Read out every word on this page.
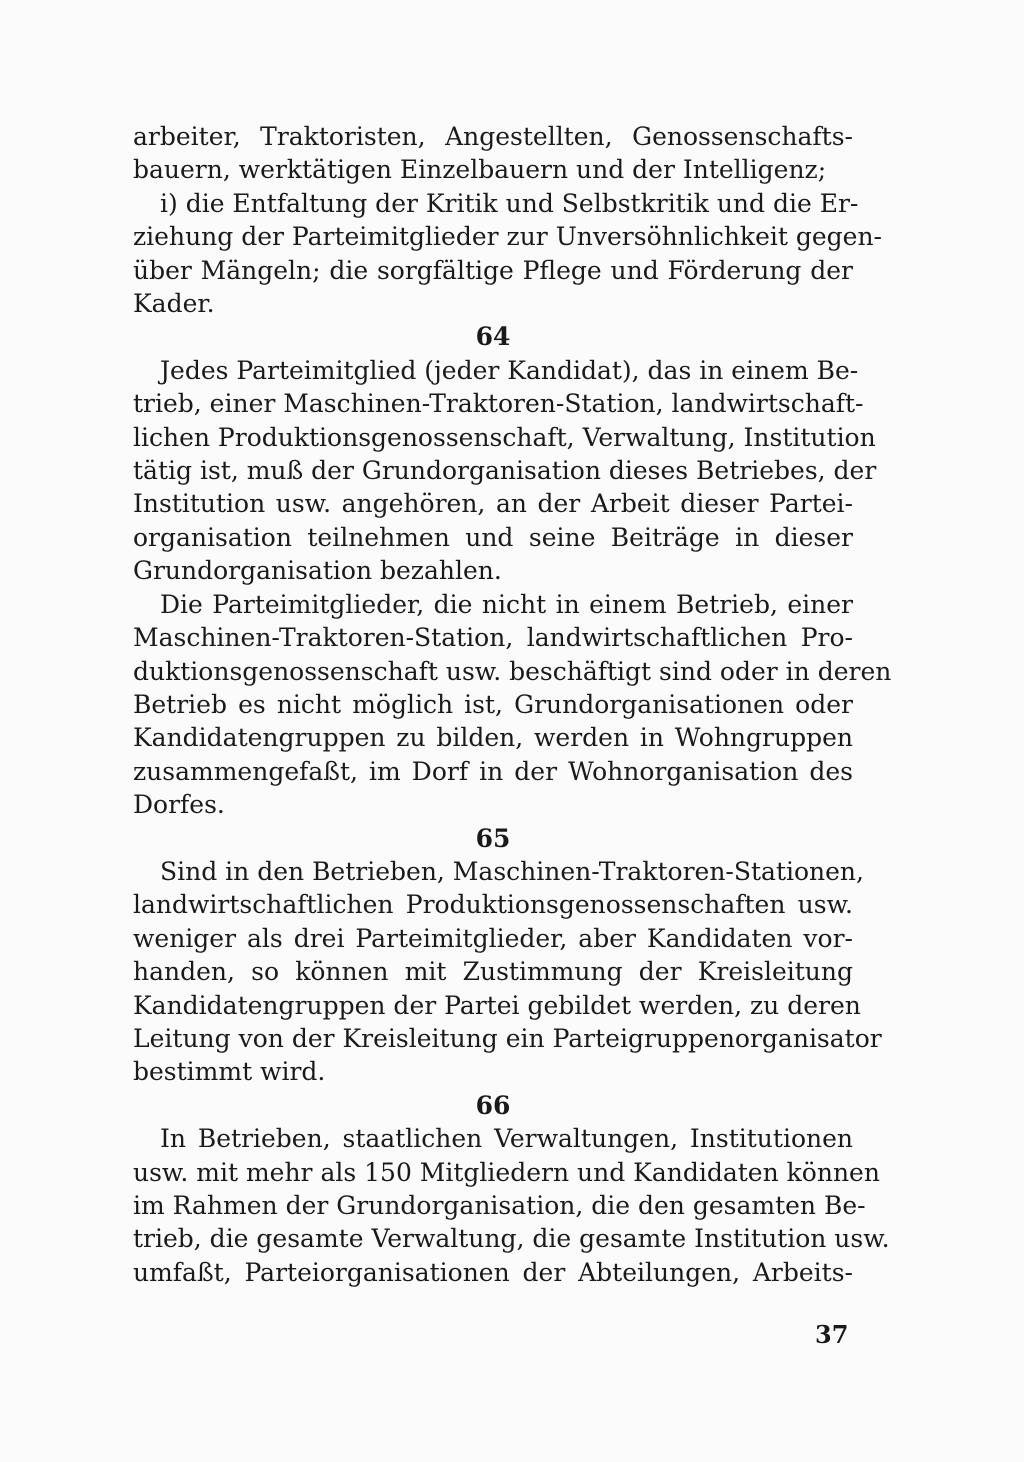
arbeiter, Traktoristen, Angestellten, Genossenschafts-
bauern, werktätigen Einzelbauern und der Intelligenz;
i) die Entfaltung der Kritik und Selbstkritik und die Er-
ziehung der Parteimitglieder zur Unversöhnlichkeit gegen-
über Mängeln; die sorgfältige Pflege und Förderung der
Kader.
64
Jedes Parteimitglied (jeder Kandidat), das in einem Be-
trieb, einer Maschinen-Traktoren-Station, landwirtschaft-
lichen Produktionsgenossenschaft, Verwaltung, Institution
tätig ist, muß der Grundorganisation dieses Betriebes, der
Institution usw. angehören, an der Arbeit dieser Partei-
organisation teilnehmen und seine Beiträge in dieser
Grundorganisation bezahlen.
Die Parteimitglieder, die nicht in einem Betrieb, einer
Maschinen-Traktoren-Station, landwirtschaftlichen Pro-
duktionsgenossenschaft usw. beschäftigt sind oder in deren
Betrieb es nicht möglich ist, Grundorganisationen oder
Kandidatengruppen zu bilden, werden in Wohngruppen
zusammengefaßt, im Dorf in der Wohnorganisation des
Dorfes.
65
Sind in den Betrieben, Maschinen-Traktoren-Stationen,
landwirtschaftlichen Produktionsgenossenschaften usw.
weniger als drei Parteimitglieder, aber Kandidaten vor-
handen, so können mit Zustimmung der Kreisleitung
Kandidatengruppen der Partei gebildet werden, zu deren
Leitung von der Kreisleitung ein Parteigruppenorganisator
bestimmt wird.
66
In Betrieben, staatlichen Verwaltungen, Institutionen
usw. mit mehr als 150 Mitgliedern und Kandidaten können
im Rahmen der Grundorganisation, die den gesamten Be-
trieb, die gesamte Verwaltung, die gesamte Institution usw.
umfaßt, Parteiorganisationen der Abteilungen, Arbeits-
37
